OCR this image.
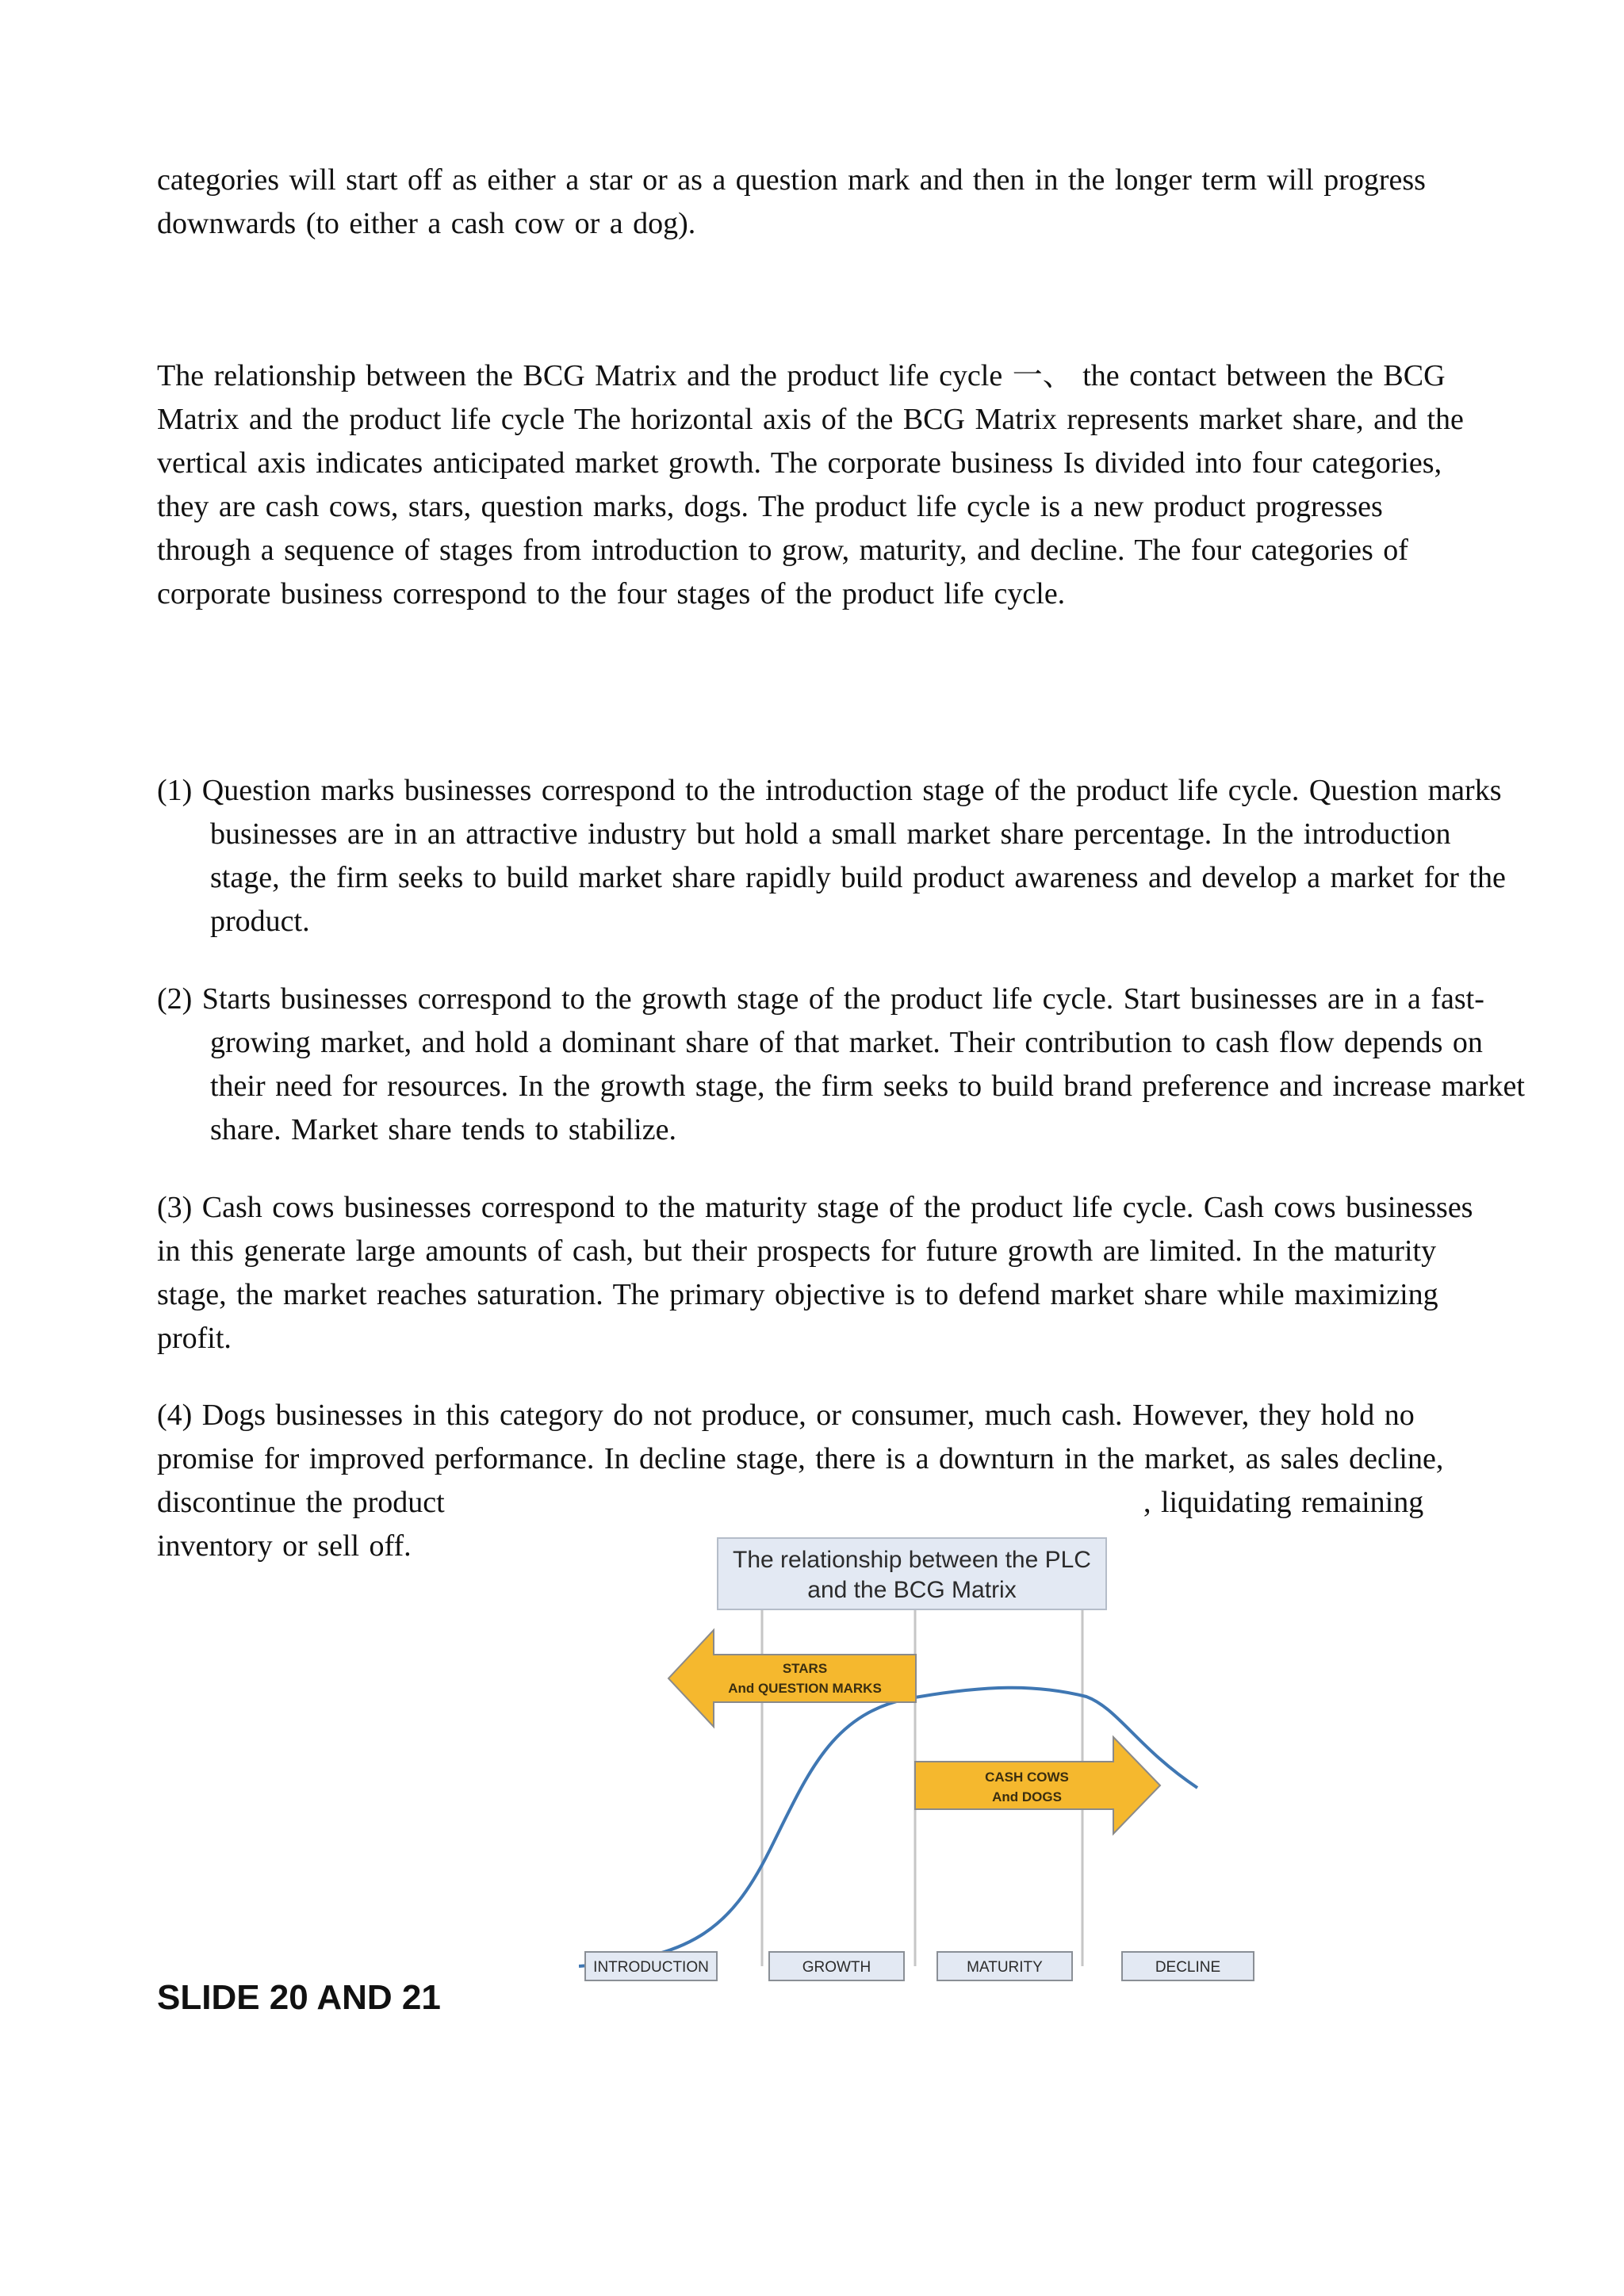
categories will start off as either a star or as a question mark and then in the longer term will progress downwards (to either a cash cow or a dog).

The relationship between the BCG Matrix and the product life cycle 一、 the contact between the BCG Matrix and the product life cycle The horizontal axis of the BCG Matrix represents market share, and the vertical axis indicates anticipated market growth. The corporate business Is divided into four categories, they are cash cows, stars, question marks, dogs. The product life cycle is a new product progresses through a sequence of stages from introduction to grow, maturity, and decline. The four categories of corporate business correspond to the four stages of the product life cycle.

(1) Question marks businesses correspond to the introduction stage of the product life cycle. Question marks businesses are in an attractive industry but hold a small market share percentage. In the introduction stage, the firm seeks to build market share rapidly build product awareness and develop a market for the product.

(2) Starts businesses correspond to the growth stage of the product life cycle. Start businesses are in a fast-growing market, and hold a dominant share of that market. Their contribution to cash flow depends on their need for resources. In the growth stage, the firm seeks to build brand preference and increase market share. Market share tends to stabilize.

(3) Cash cows businesses correspond to the maturity stage of the product life cycle. Cash cows businesses in this generate large amounts of cash, but their prospects for future growth are limited. In the maturity stage, the market reaches saturation. The primary objective is to defend market share while maximizing profit.

(4) Dogs businesses in this category do not produce, or consumer, much cash. However, they hold no promise for improved performance. In decline stage, there is a downturn in the market, as sales decline, discontinue the product	, liquidating remaining
inventory or sell off.	The relationship between the PLC
and the BCG Matrix
STARS
And QUESTION MARKS
CASH COWS
And DOGS
INTRODUCTION	GROWTH	MATURITY	DECLINE
SLIDE 20 AND 21
